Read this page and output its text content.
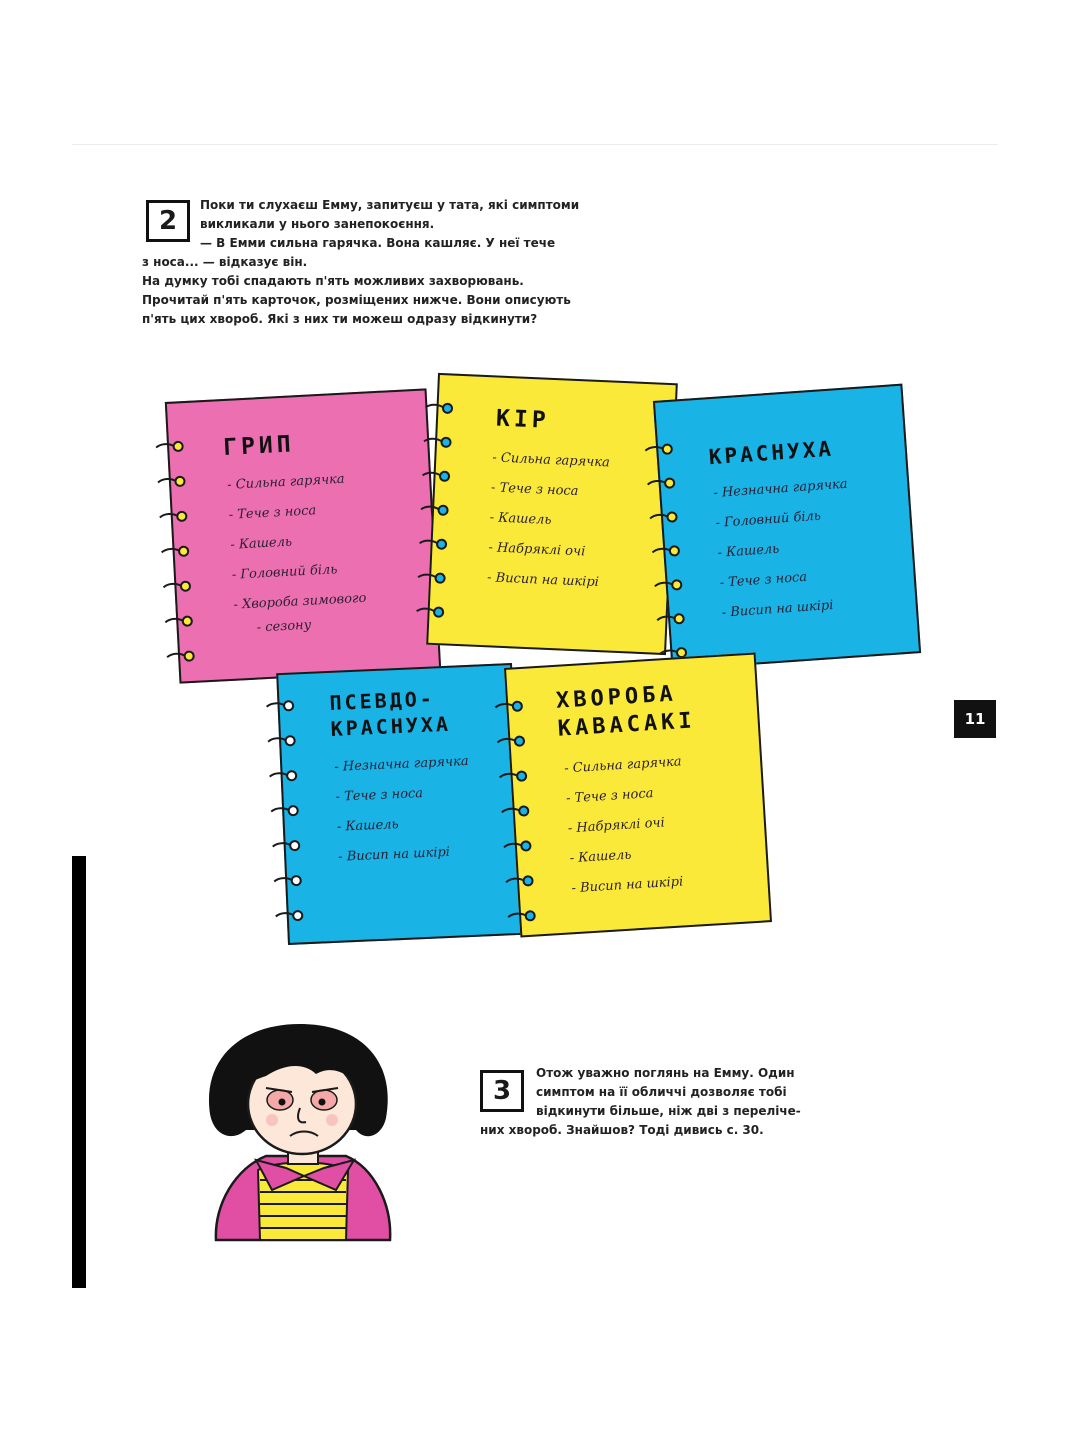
2
Поки ти слухаєш Емму, запитуєш у тата, які симптоми
викликали у нього занепокоєння.
— В Емми сильна гарячка. Вона кашляє. У неї тече
з носа... — відказує він.
На думку тобі спадають п'ять можливих захворювань.
Прочитай п'ять карточок, розміщених нижче. Вони описують
п'ять цих хвороб. Які з них ти можеш одразу відкинути?
ГРИП
- Сильна гарячка
- Тече з носа
- Кашель
- Головний біль
- Хвороба зимового
- сезону
КІР
- Сильна гарячка
- Тече з носа
- Кашель
- Набряклі очі
- Висип на шкірі
КРАСНУХА
- Незначна гарячка
- Головний біль
- Кашель
- Тече з носа
- Висип на шкірі
ПСЕВДО-
КРАСНУХА
- Незначна гарячка
- Тече з носа
- Кашель
- Висип на шкірі
ХВОРОБА
КАВАСАКІ
- Сильна гарячка
- Тече з носа
- Набряклі очі
- Кашель
- Висип на шкірі
11
3
Отож уважно поглянь на Емму. Один
симптом на її обличчі дозволяє тобі
відкинути більше, ніж дві з переліче-
них хвороб. Знайшов? Тоді дивись с. 30.
